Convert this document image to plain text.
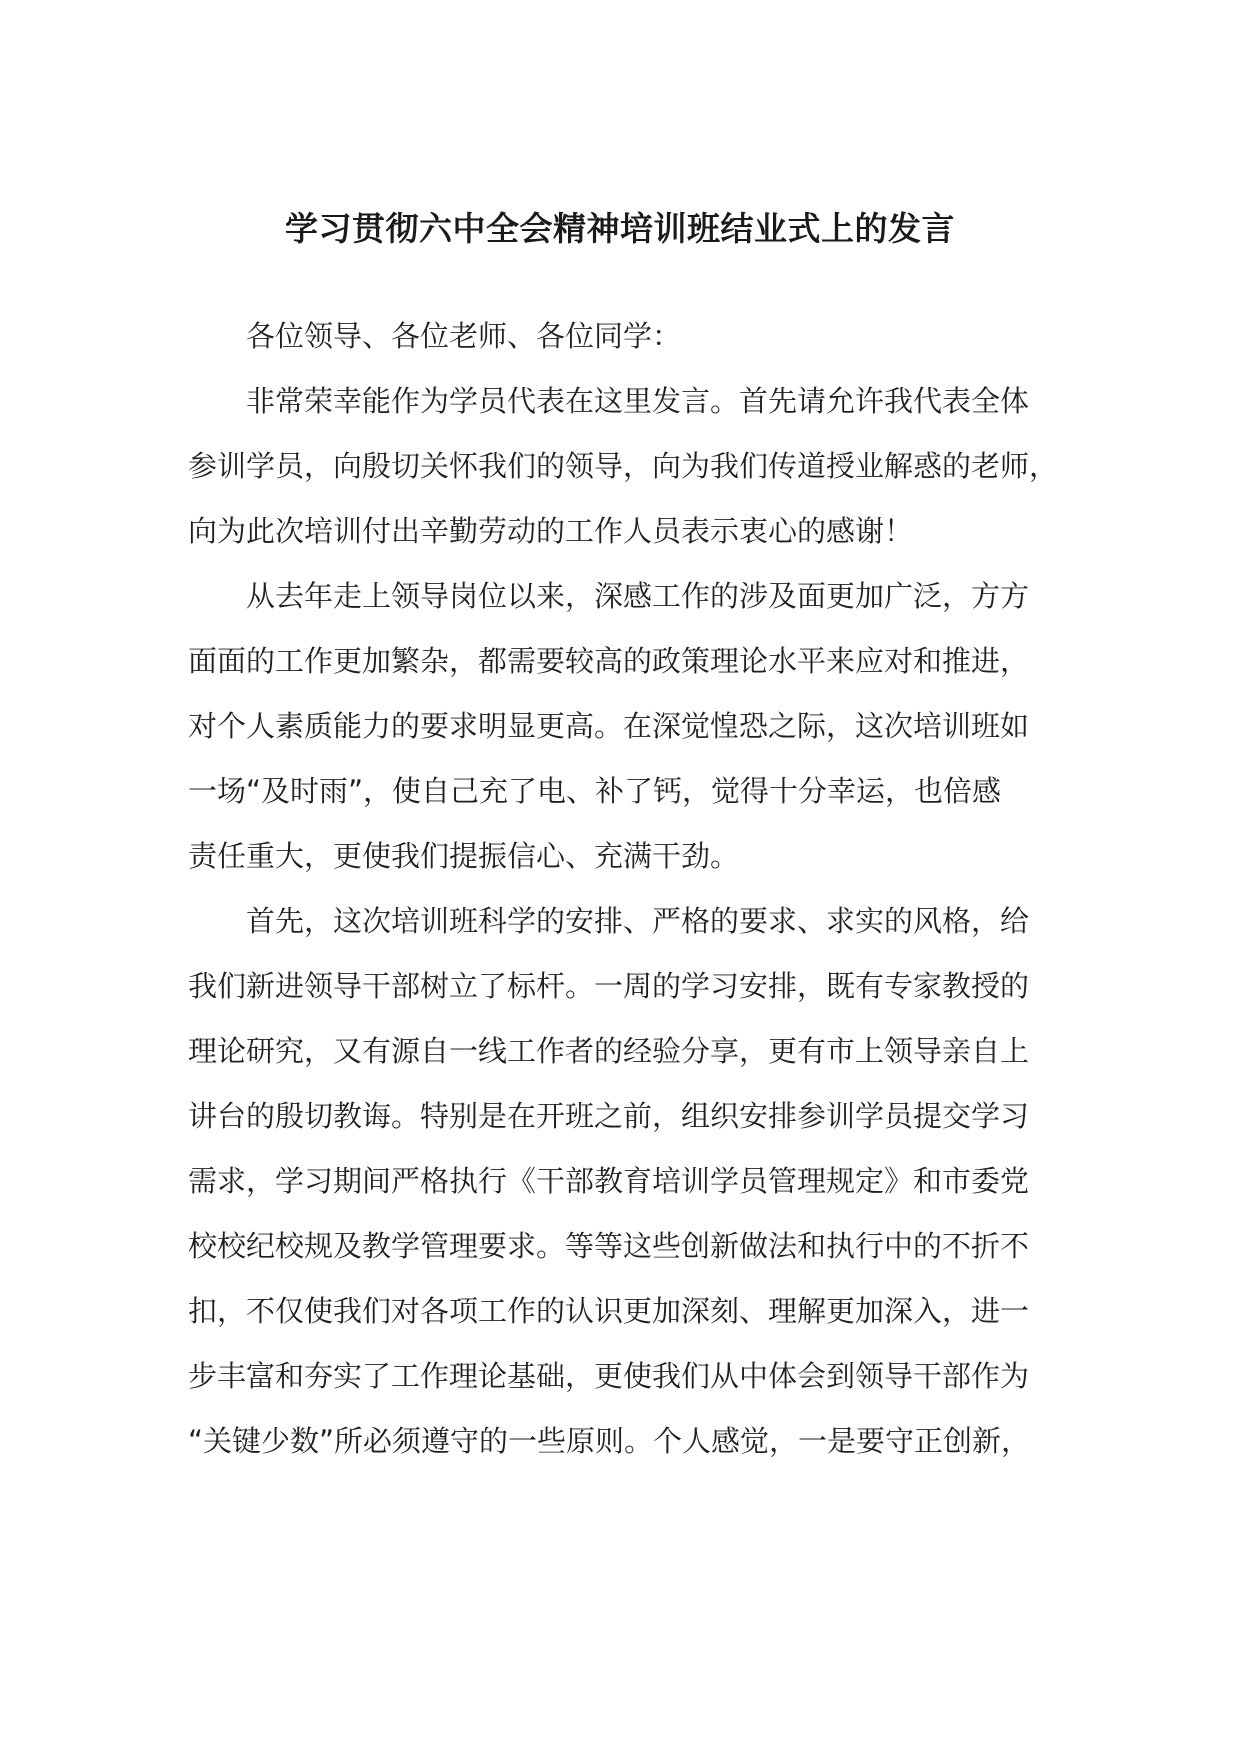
学习贯彻六中全会精神培训班结业式上的发言

各位领导、各位老师、各位同学：

非常荣幸能作为学员代表在这里发言。首先请允许我代表全体
参训学员，向殷切关怀我们的领导，向为我们传道授业解惑的老师，
向为此次培训付出辛勤劳动的工作人员表示衷心的感谢！
从去年走上领导岗位以来，深感工作的涉及面更加广泛，方方
面面的工作更加繁杂，都需要较高的政策理论水平来应对和推进，
对个人素质能力的要求明显更高。在深觉惶恐之际，这次培训班如
一场“及时雨”，使自己充了电、补了钙，觉得十分幸运，也倍感
责任重大，更使我们提振信心、充满干劲。
首先，这次培训班科学的安排、严格的要求、求实的风格，给
我们新进领导干部树立了标杆。一周的学习安排，既有专家教授的
理论研究，又有源自一线工作者的经验分享，更有市上领导亲自上
讲台的殷切教诲。特别是在开班之前，组织安排参训学员提交学习
需求，学习期间严格执行《干部教育培训学员管理规定》和市委党
校校纪校规及教学管理要求。等等这些创新做法和执行中的不折不
扣，不仅使我们对各项工作的认识更加深刻、理解更加深入，进一
步丰富和夯实了工作理论基础，更使我们从中体会到领导干部作为
“关键少数”所必须遵守的一些原则。个人感觉，一是要守正创新，
